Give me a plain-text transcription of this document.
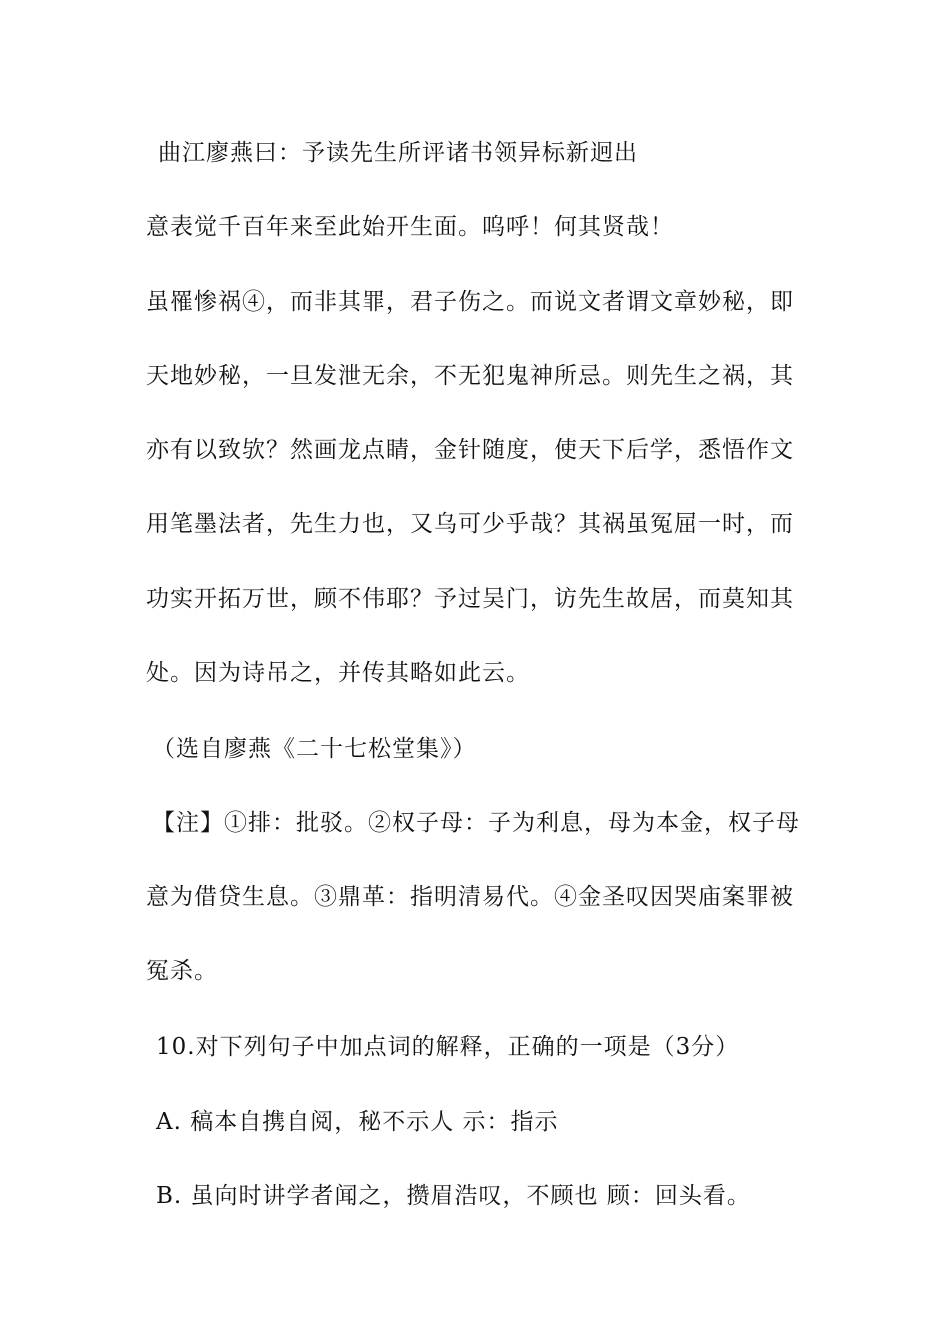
曲江廖燕曰：予读先生所评诸书领异标新迥出
意表觉千百年来至此始开生面。呜呼！何其贤哉！
虽罹惨祸④，而非其罪，君子伤之。而说文者谓文章妙秘，即
天地妙秘，一旦发泄无余，不无犯鬼神所忌。则先生之祸，其
亦有以致欤？然画龙点睛，金针随度，使天下后学，悉悟作文
用笔墨法者，先生力也，又乌可少乎哉？其祸虽冤屈一时，而
功实开拓万世，顾不伟耶？予过吴门，访先生故居，而莫知其
处。因为诗吊之，并传其略如此云。
（选自廖燕《二十七松堂集》）
【注】①排：批驳。②权子母：子为利息，母为本金，权子母
意为借贷生息。③鼎革：指明清易代。④金圣叹因哭庙案罪被
冤杀。
10.对下列句子中加点词的解释，正确的一项是（3分）
A. 稿本自携自阅，秘不示人 示：指示
B. 虽向时讲学者闻之，攒眉浩叹，不顾也 顾：回头看。
